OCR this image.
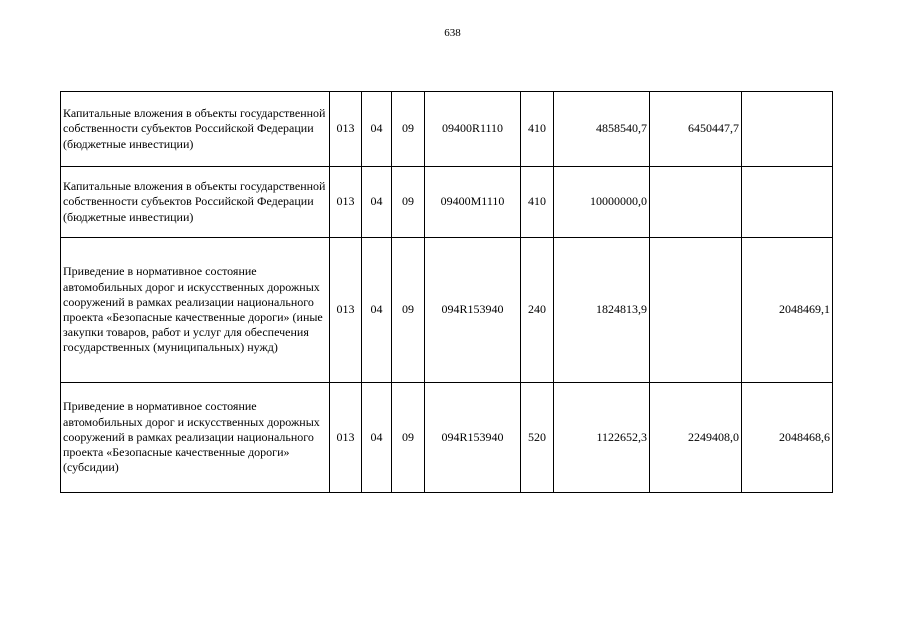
638
Капитальные вложения в объекты государственной собственности субъектов Российской Федерации (бюджетные инвестиции)	013	04	09	09400R1110	410	4858540,7	6450447,7	
Капитальные вложения в объекты государственной собственности субъектов Российской Федерации (бюджетные инвестиции)	013	04	09	09400M1110	410	10000000,0		
Приведение в нормативное состояние автомобильных дорог и искусственных дорожных сооружений в рамках реализации национального проекта «Безопасные качественные дороги» (иные закупки товаров, работ и услуг для обеспечения государственных (муниципальных) нужд)	013	04	09	094R153940	240	1824813,9		2048469,1
Приведение в нормативное состояние автомобильных дорог и искусственных дорожных сооружений в рамках реализации национального проекта «Безопасные качественные дороги» (субсидии)	013	04	09	094R153940	520	1122652,3	2249408,0	2048468,6
